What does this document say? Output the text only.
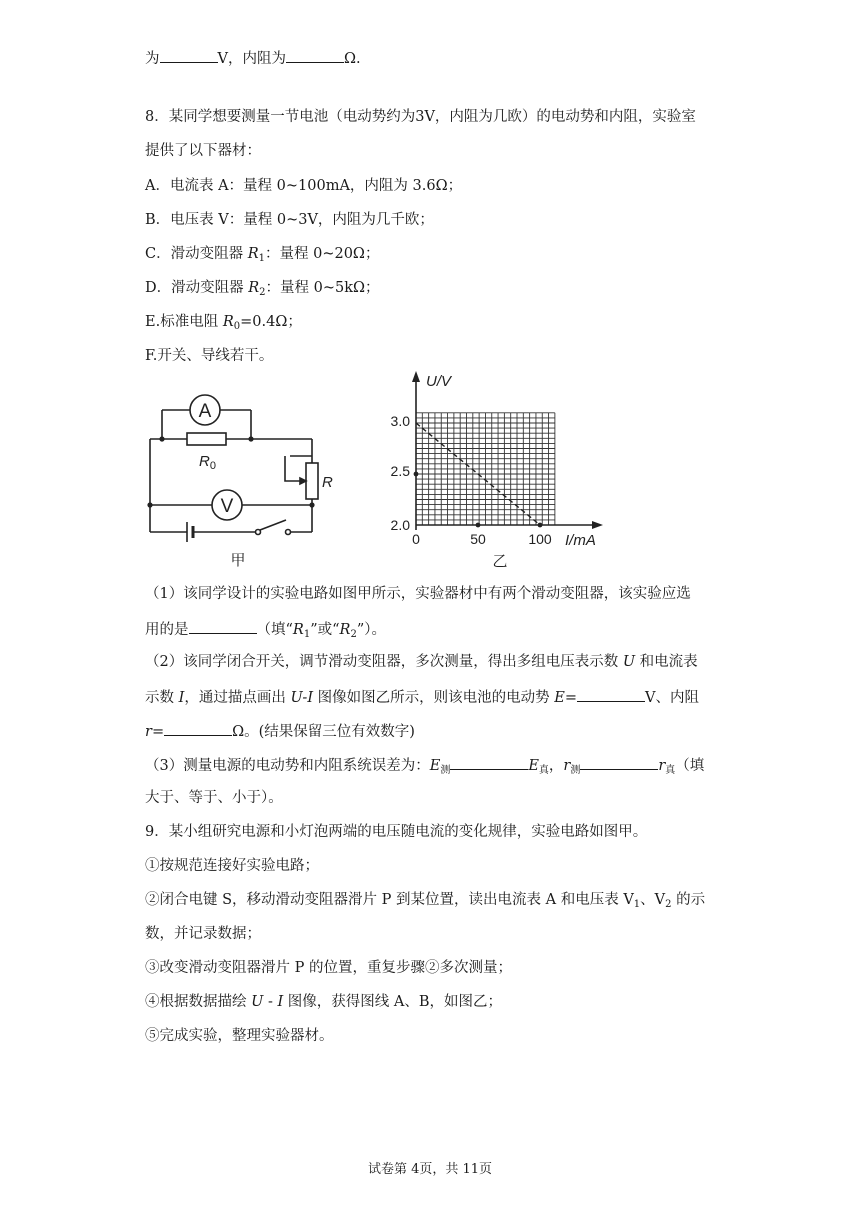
为	V，内阻为	Ω.
8．某同学想要测量一节电池（电动势约为3V，内阻为几欧）的电动势和内阻，实验室
提供了以下器材：
A．电流表 A：量程 0~100mA，内阻为 3.6Ω；
B．电压表 V：量程 0~3V，内阻为几千欧；
C．滑动变阻器 $R_1$：量程 0~20Ω；
D．滑动变阻器 $R_2$：量程 0~5kΩ；
E.标准电阻 $R_0=0.4\Omega$；
F.开关、导线若干。
A
V
$R_0$
R
甲
U/V
I/mA
3.0
2.5
2.0
0	50	100
乙
（1）该同学设计的实验电路如图甲所示，实验器材中有两个滑动变阻器，该实验应选
用的是	（填“$R_1$”或“$R_2$”）。
（2）该同学闭合开关，调节滑动变阻器，多次测量，得出多组电压表示数 U 和电流表
示数 I，通过描点画出 U-I 图像如图乙所示，则该电池的电动势 E=	V、内阻
r=	Ω。(结果保留三位有效数字)
（3）测量电源的电动势和内阻系统误差为：$E_测$	$E_真$，$r_测$	$r_真$（填
大于、等于、小于）。
9．某小组研究电源和小灯泡两端的电压随电流的变化规律，实验电路如图甲。
①按规范连接好实验电路；
②闭合电键 S，移动滑动变阻器滑片 P 到某位置，读出电流表 A 和电压表 $V_1$、$V_2$ 的示
数，并记录数据；
③改变滑动变阻器滑片 P 的位置，重复步骤②多次测量；
④根据数据描绘 U - I 图像，获得图线 A、B，如图乙；
⑤完成实验，整理实验器材。
试卷第 4页，共 11页
